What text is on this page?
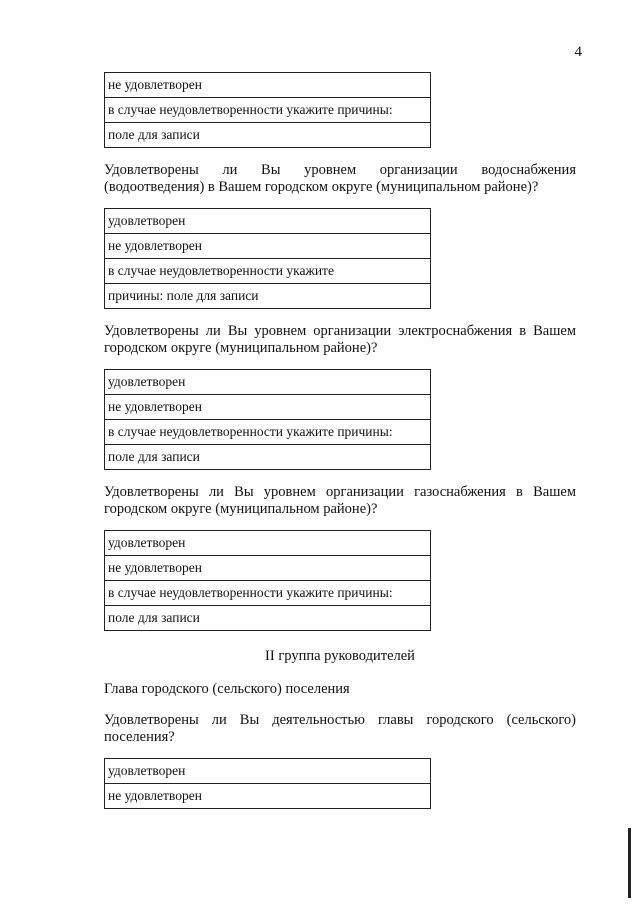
4
не удовлетворен
в случае неудовлетворенности укажите причины:
поле для записи

Удовлетворены ли Вы уровнем организации водоснабжения (водоотведения) в Вашем городском округе (муниципальном районе)?

удовлетворен
не удовлетворен
в случае неудовлетворенности укажите
причины: поле для записи

Удовлетворены ли Вы уровнем организации электроснабжения в Вашем городском округе (муниципальном районе)?

удовлетворен
не удовлетворен
в случае неудовлетворенности укажите причины:
поле для записи

Удовлетворены ли Вы уровнем организации газоснабжения в Вашем городском округе (муниципальном районе)?

удовлетворен
не удовлетворен
в случае неудовлетворенности укажите причины:
поле для записи

II группа руководителей

Глава городского (сельского) поселения

Удовлетворены ли Вы деятельностью главы городского (сельского) поселения?

удовлетворен
не удовлетворен
